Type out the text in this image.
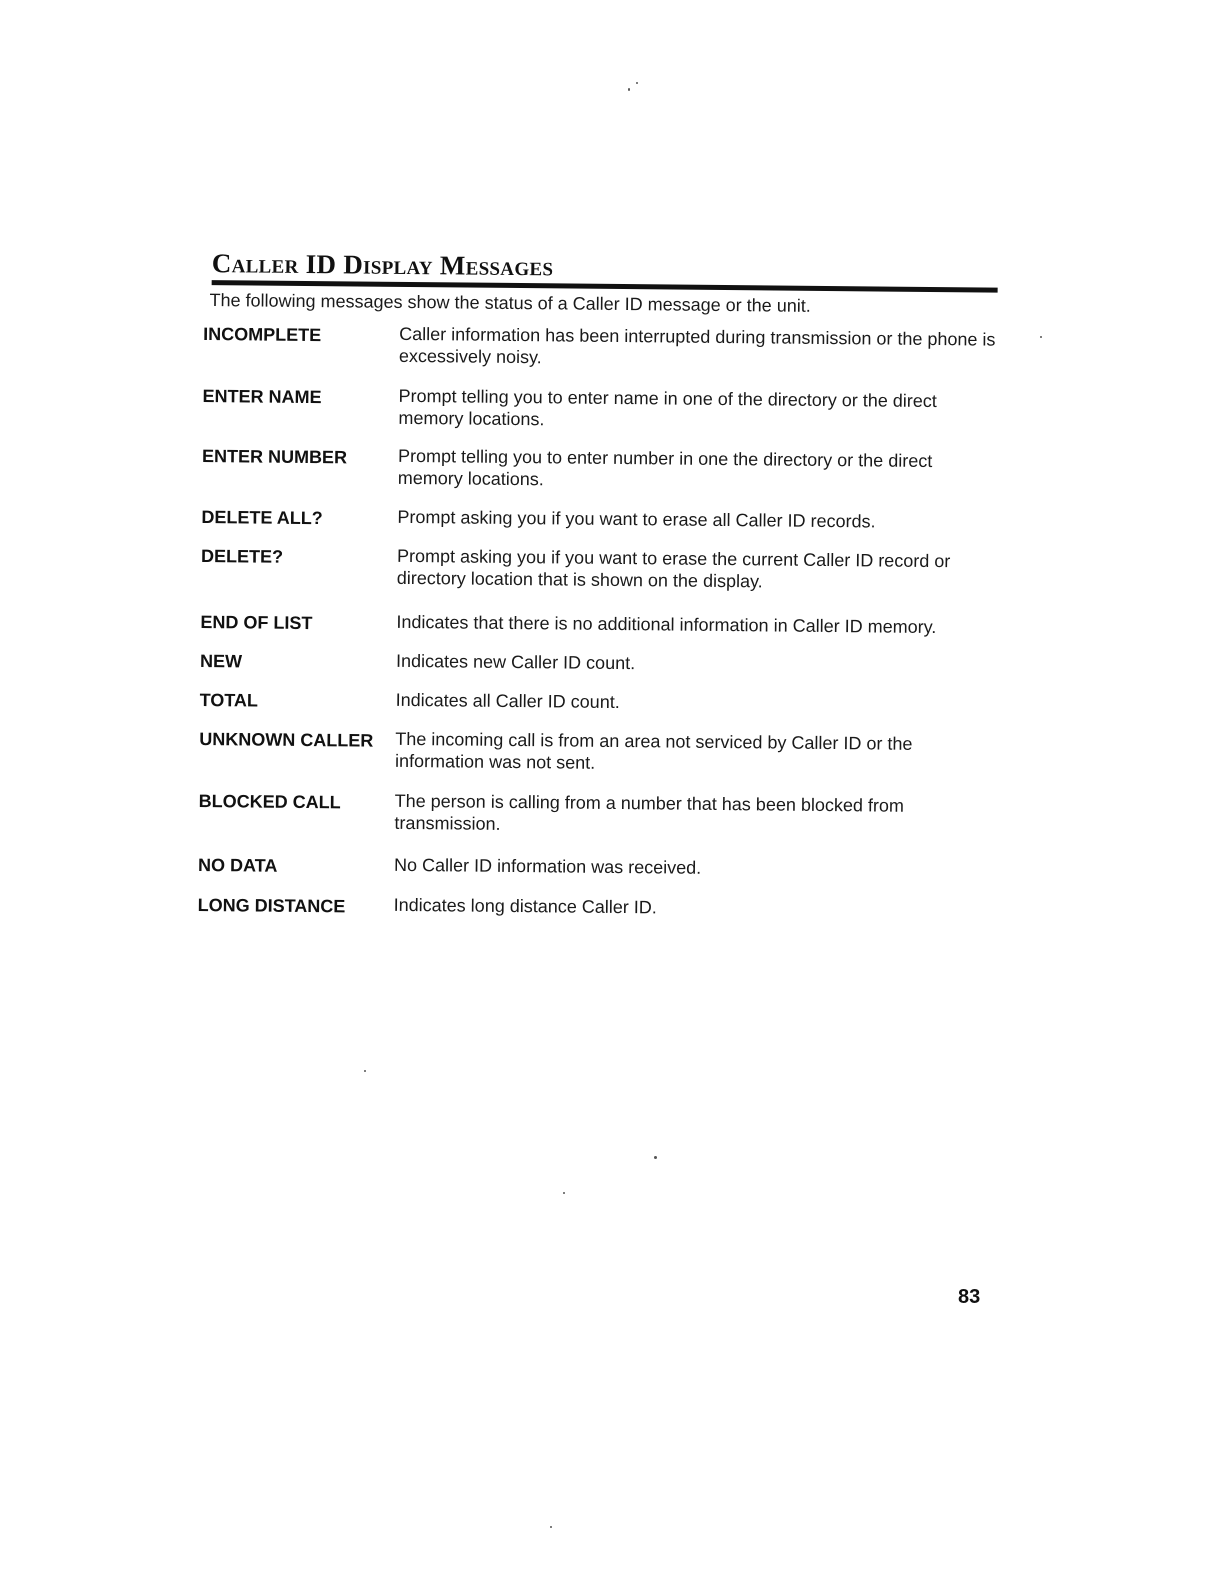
Caller ID Display Messages

The following messages show the status of a Caller ID message or the unit.

INCOMPLETE	Caller information has been interrupted during transmission or the phone is excessively noisy.
ENTER NAME	Prompt telling you to enter name in one of the directory or the direct memory locations.
ENTER NUMBER	Prompt telling you to enter number in one the directory or the direct memory locations.
DELETE ALL?	Prompt asking you if you want to erase all Caller ID records.
DELETE?	Prompt asking you if you want to erase the current Caller ID record or directory location that is shown on the display.
END OF LIST	Indicates that there is no additional information in Caller ID memory.
NEW	Indicates new Caller ID count.
TOTAL	Indicates all Caller ID count.
UNKNOWN CALLER	The incoming call is from an area not serviced by Caller ID or the information was not sent.
BLOCKED CALL	The person is calling from a number that has been blocked from transmission.
NO DATA	No Caller ID information was received.
LONG DISTANCE	Indicates long distance Caller ID.
83
